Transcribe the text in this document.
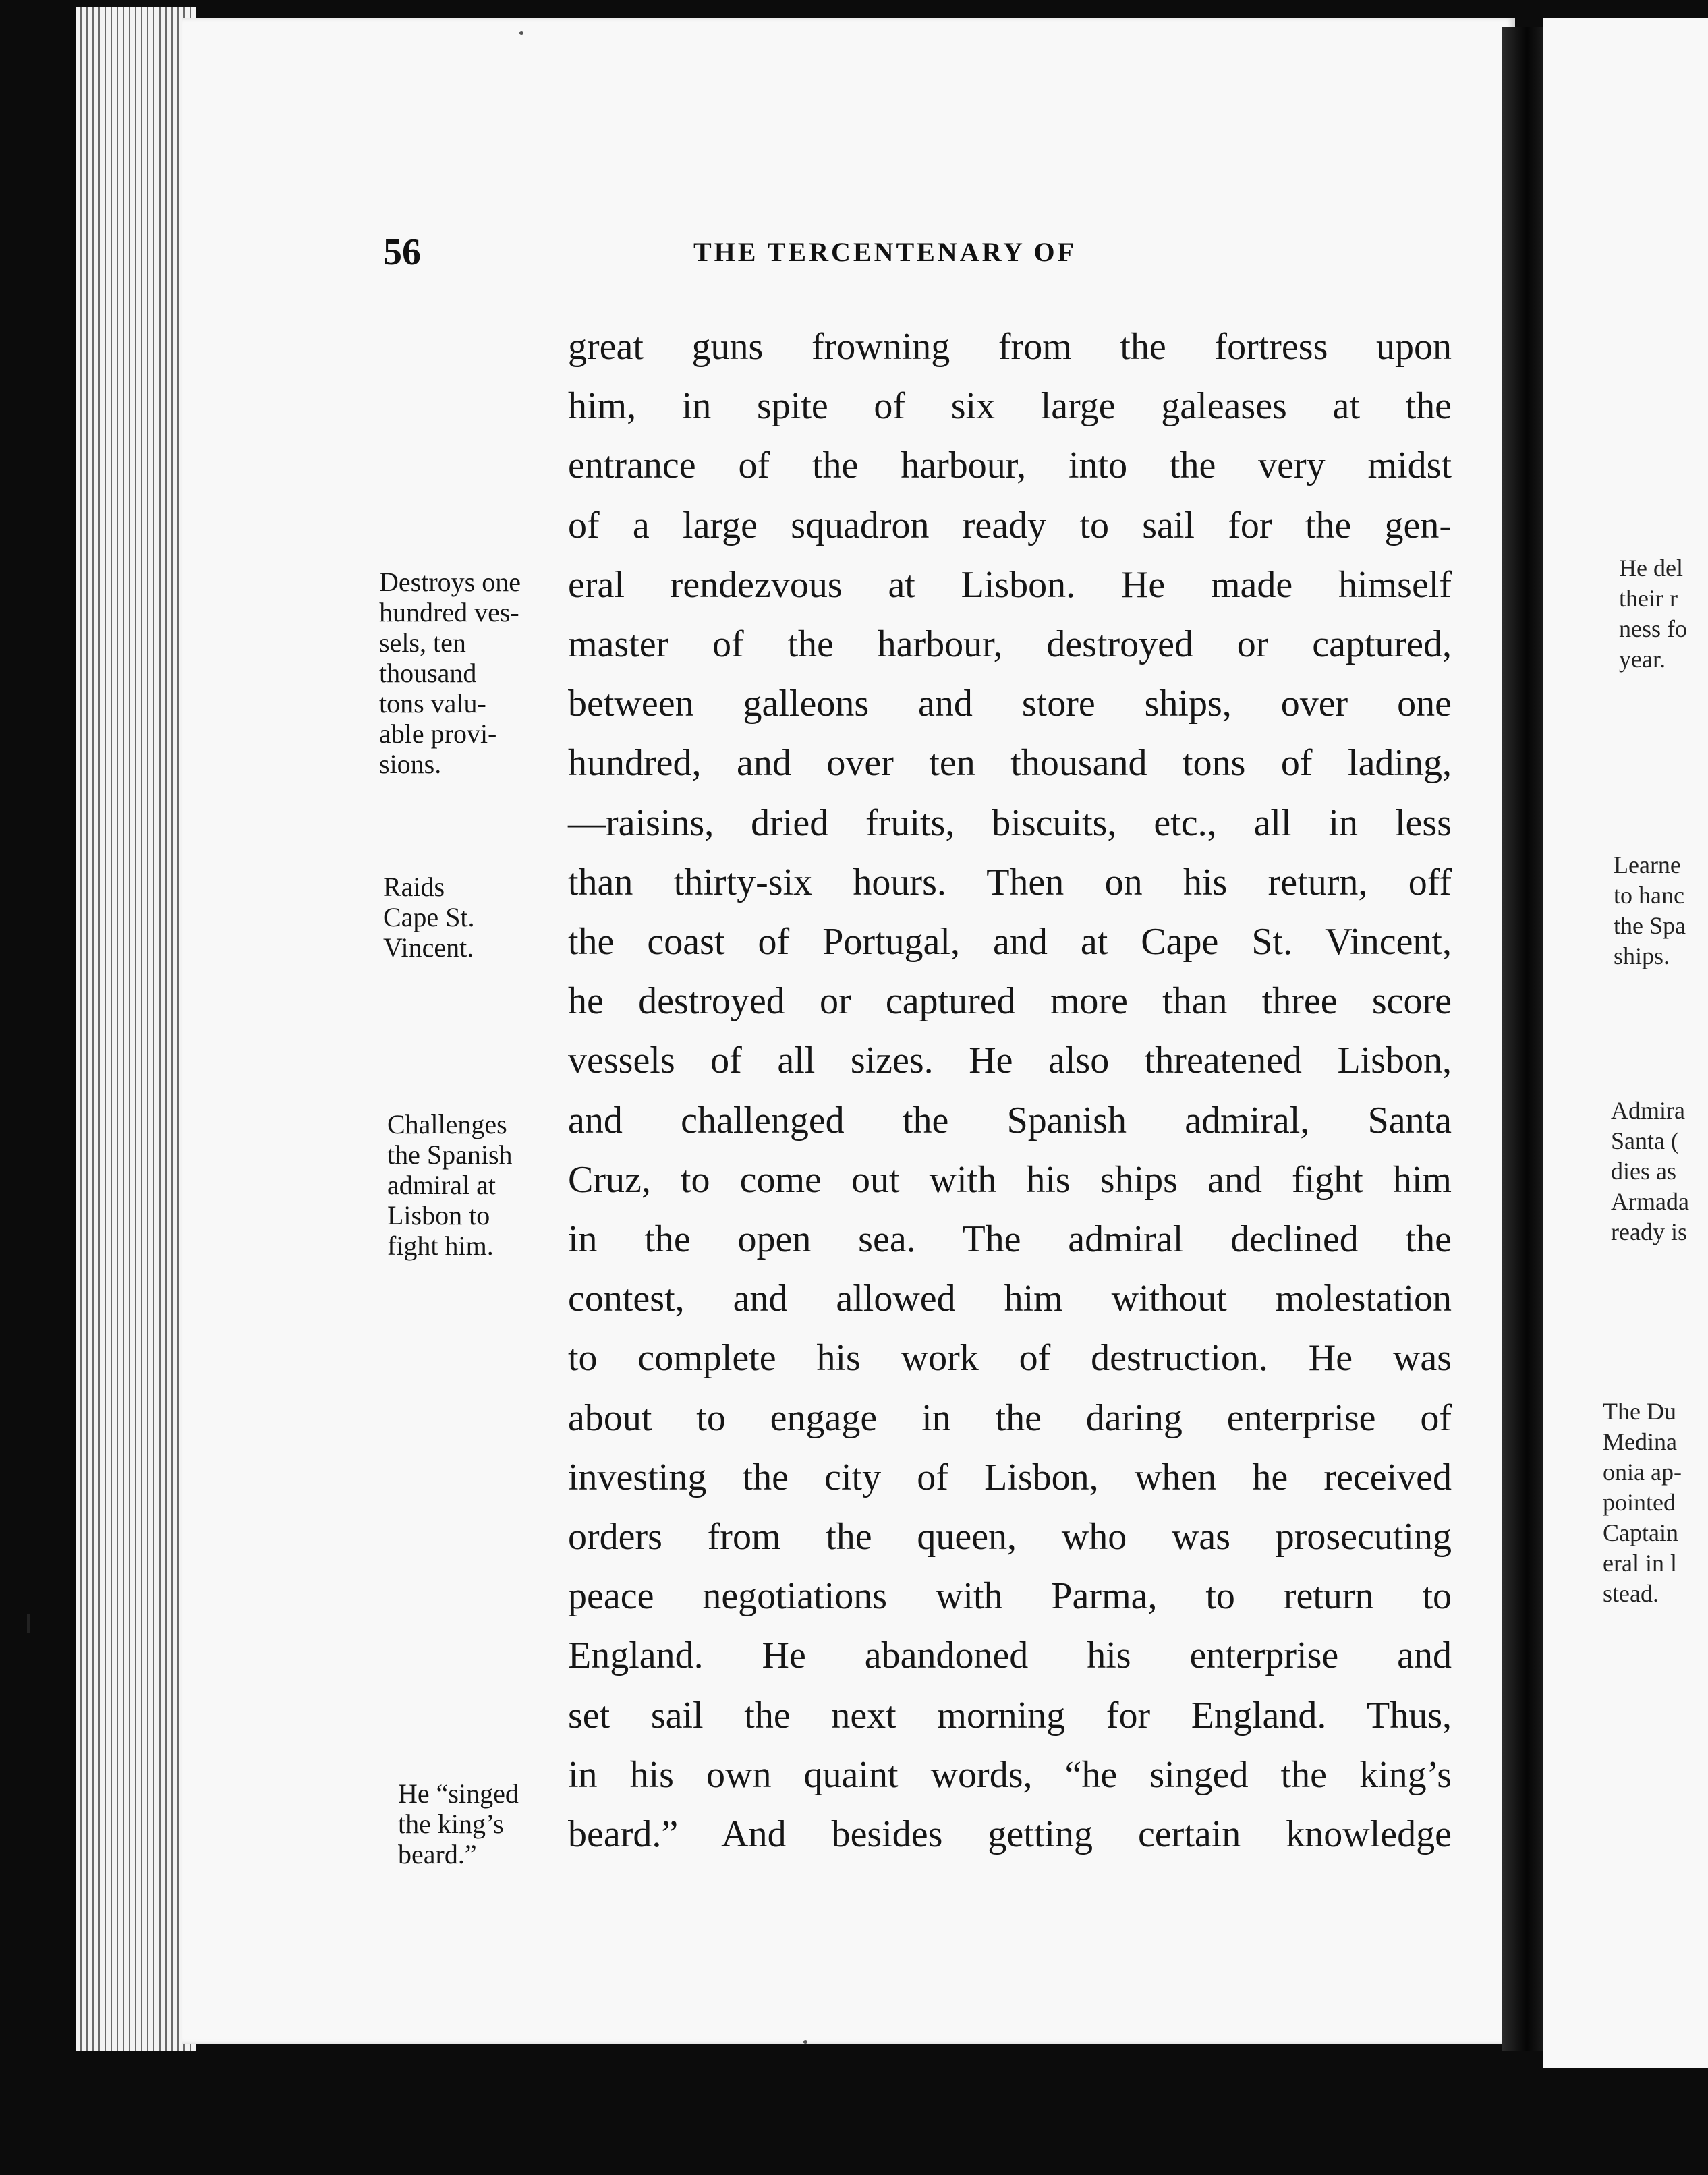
56	THE TERCENTENARY OF
great guns frowning from the fortress upon
him, in spite of six large galeases at the
entrance of the harbour, into the very midst
of a large squadron ready to sail for the gen-
eral rendezvous at Lisbon. He made himself
master of the harbour, destroyed or captured,
between galleons and store ships, over one
hundred, and over ten thousand tons of lading,
—raisins, dried fruits, biscuits, etc., all in less
than thirty-six hours. Then on his return, off
the coast of Portugal, and at Cape St. Vincent,
he destroyed or captured more than three score
vessels of all sizes. He also threatened Lisbon,
and challenged the Spanish admiral, Santa
Cruz, to come out with his ships and fight him
in the open sea. The admiral declined the
contest, and allowed him without molestation
to complete his work of destruction. He was
about to engage in the daring enterprise of
investing the city of Lisbon, when he received
orders from the queen, who was prosecuting
peace negotiations with Parma, to return to
England. He abandoned his enterprise and
set sail the next morning for England. Thus,
in his own quaint words, “he singed the king’s
beard.” And besides getting certain knowledge
Destroys one
hundred ves-
sels, ten
thousand
tons valu-
able provi-
sions.
Raids
Cape St.
Vincent.
Challenges
the Spanish
admiral at
Lisbon to
fight him.
He “singed
the king’s
beard.”
He del
their r
ness fo
year.
Learne
to hanc
the Spa
ships.
Admira
Santa (
dies as
Armada
ready is
The Du
Medina
onia ap-
pointed
Captain
eral in l
stead.
